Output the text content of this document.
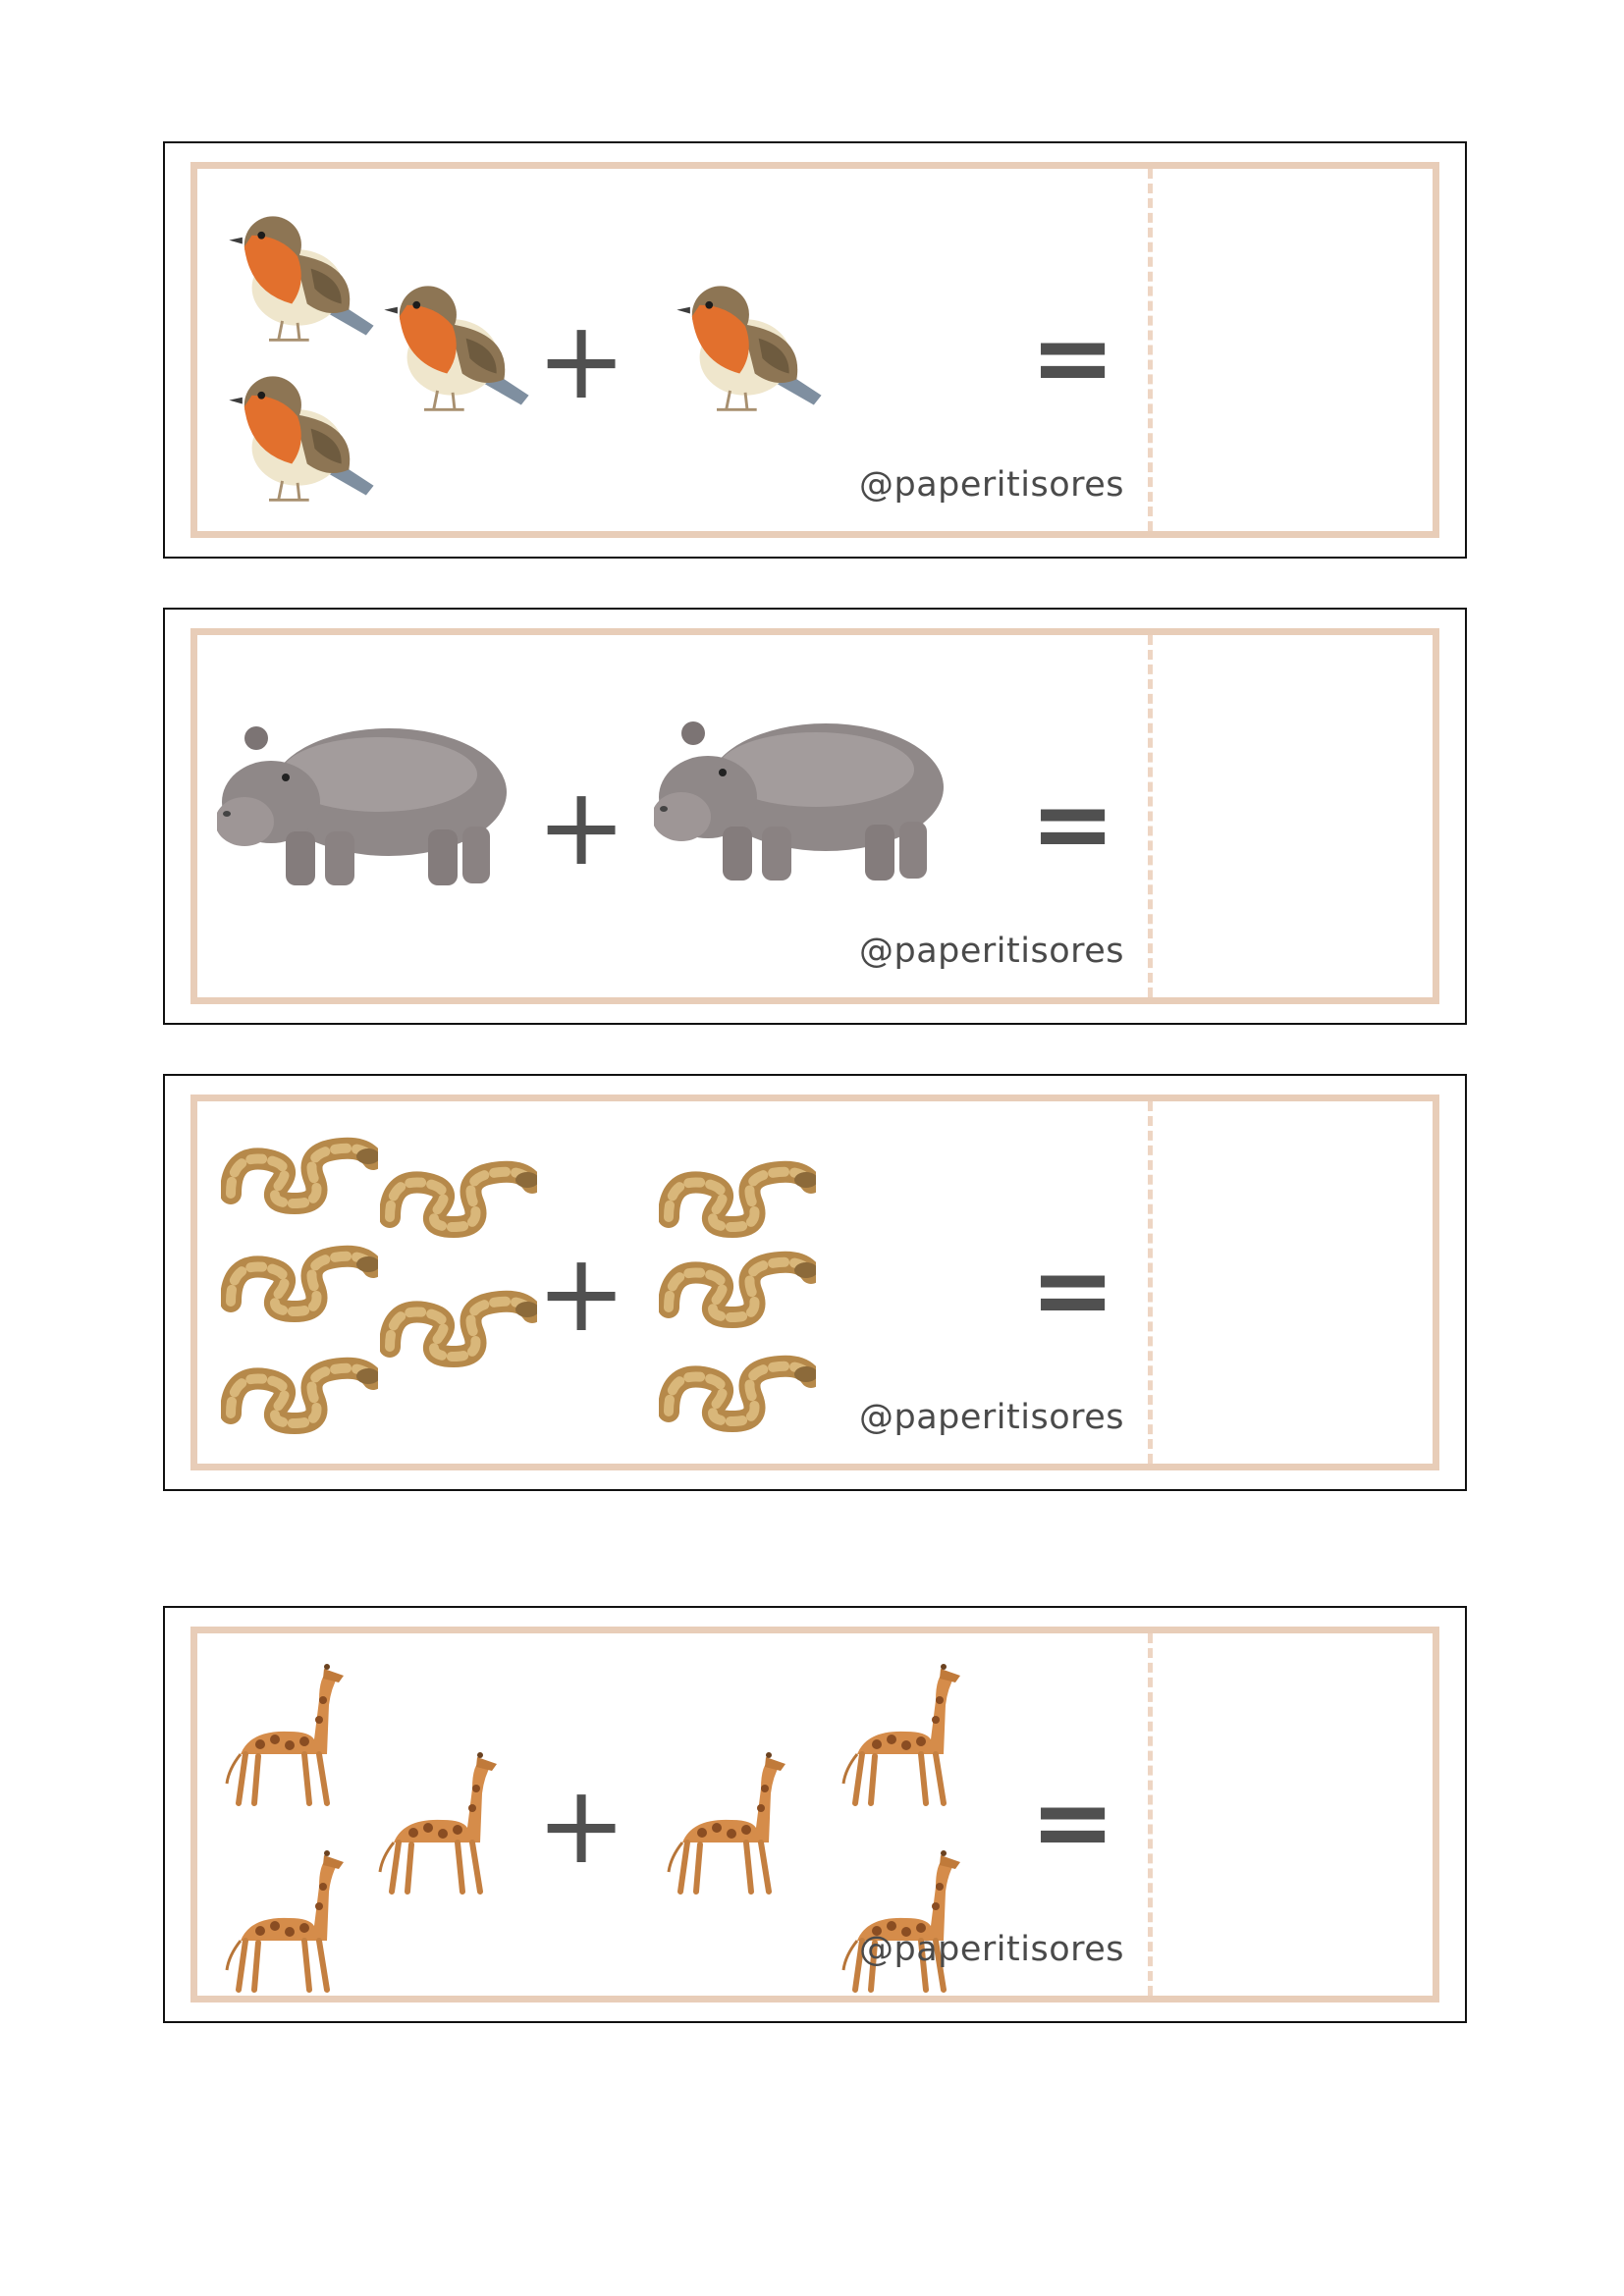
+	=
@paperitisores
+	=
@paperitisores
+	=
@paperitisores
+	=
@paperitisores
